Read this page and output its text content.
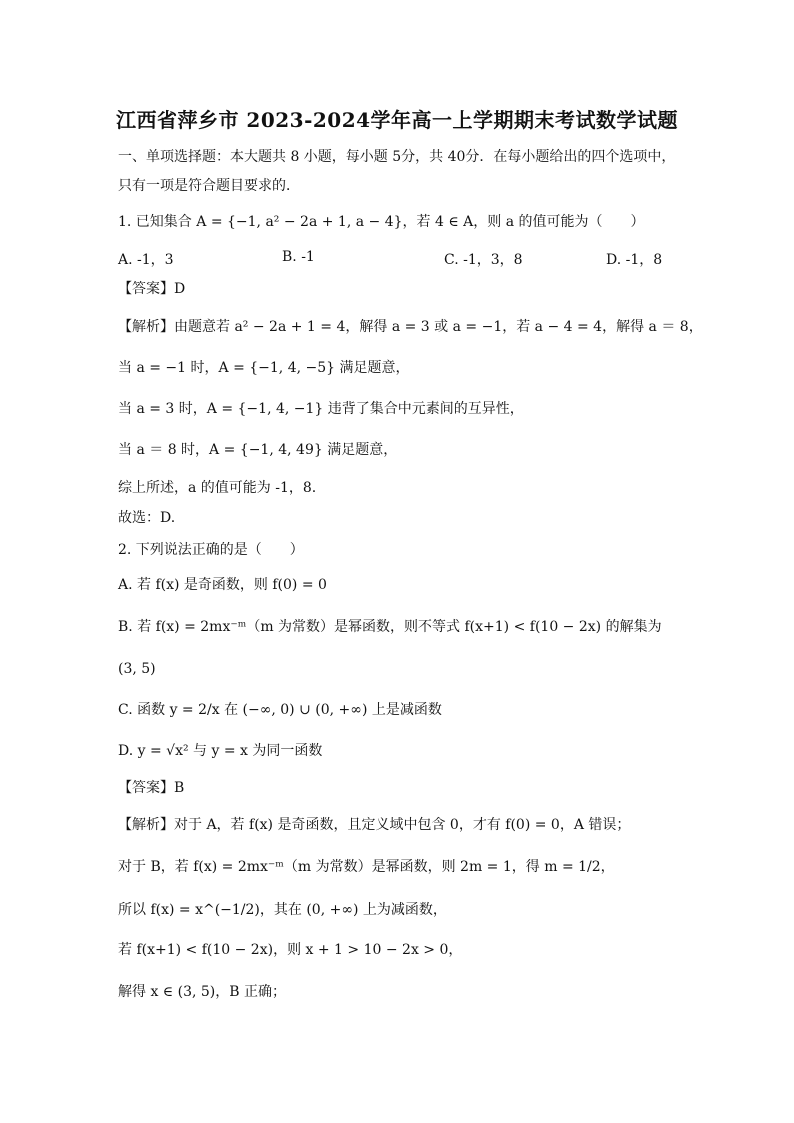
江西省萍乡市 2023-2024学年高一上学期期末考试数学试题
一、单项选择题：本大题共 8 小题，每小题 5分，共 40分．在每小题给出的四个选项中，
只有一项是符合题目要求的．
1. 已知集合 A = {−1, a² − 2a + 1, a − 4}，若 4 ∈ A，则 a 的值可能为（　　）
A. -1，3	B. -1	C. -1，3，8	D. -1，8
【答案】D
【解析】由题意若 a² − 2a + 1 = 4，解得 a = 3 或 a = −1，若 a − 4 = 4，解得 a ＝ 8，
当 a = −1 时，A = {−1, 4, −5} 满足题意，
当 a = 3 时，A = {−1, 4, −1} 违背了集合中元素间的互异性，
当 a ＝ 8 时，A = {−1, 4, 49} 满足题意，
综上所述，a 的值可能为 -1，8.
故选：D.
2. 下列说法正确的是（　　）
A. 若 f(x) 是奇函数，则 f(0) = 0
B. 若 f(x) = 2mx⁻ᵐ（m 为常数）是幂函数，则不等式 f(x+1) < f(10 − 2x) 的解集为
(3, 5)
C. 函数 y = 2/x 在 (−∞, 0) ∪ (0, +∞) 上是减函数
D. y = √x² 与 y = x 为同一函数
【答案】B
【解析】对于 A，若 f(x) 是奇函数，且定义域中包含 0，才有 f(0) = 0，A 错误；
对于 B，若 f(x) = 2mx⁻ᵐ（m 为常数）是幂函数，则 2m = 1，得 m = 1/2，
所以 f(x) = x^(−1/2)，其在 (0, +∞) 上为减函数，
若 f(x+1) < f(10 − 2x)，则 x + 1 > 10 − 2x > 0，
解得 x ∈ (3, 5)，B 正确；
